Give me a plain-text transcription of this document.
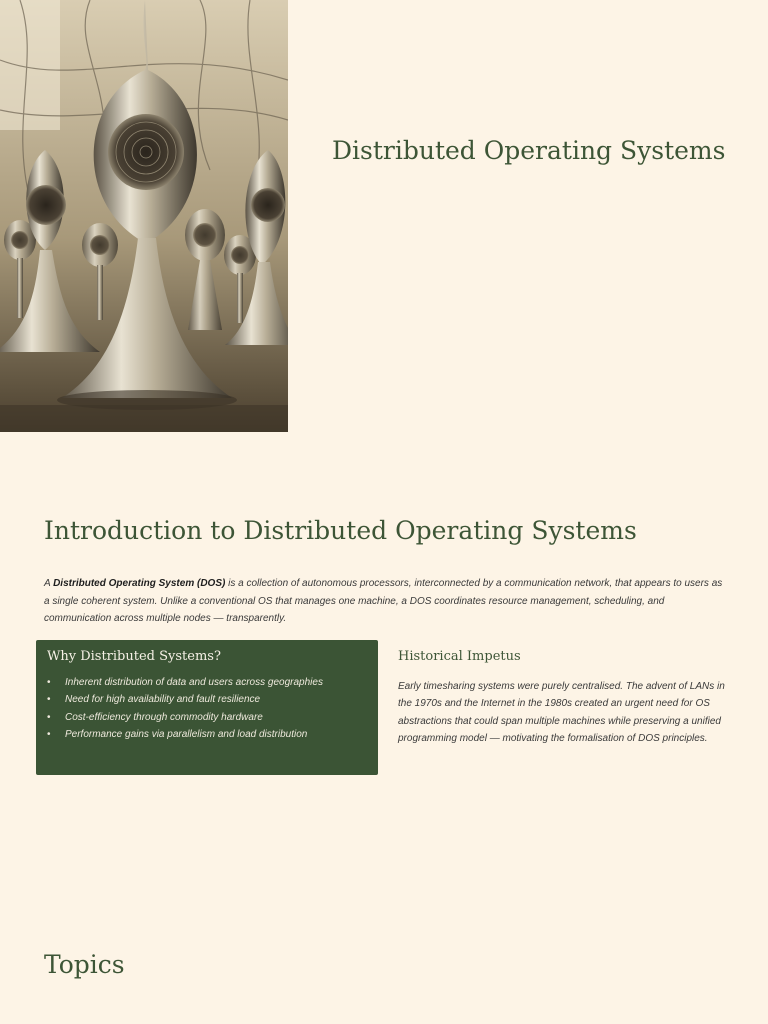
Distributed Operating Systems
Introduction to Distributed Operating Systems

A Distributed Operating System (DOS) is a collection of autonomous processors, interconnected by a communication network, that appears to users as a single coherent system. Unlike a conventional OS that manages one machine, a DOS coordinates resource management, scheduling, and communication across multiple nodes — transparently.

Why Distributed Systems?
• Inherent distribution of data and users across geographies
• Need for high availability and fault resilience
• Cost-efficiency through commodity hardware
• Performance gains via parallelism and load distribution
Historical Impetus

Early timesharing systems were purely centralised. The advent of LANs in the 1970s and the Internet in the 1980s created an urgent need for OS abstractions that could span multiple machines while preserving a unified programming model — motivating the formalisation of DOS principles.

Topics
